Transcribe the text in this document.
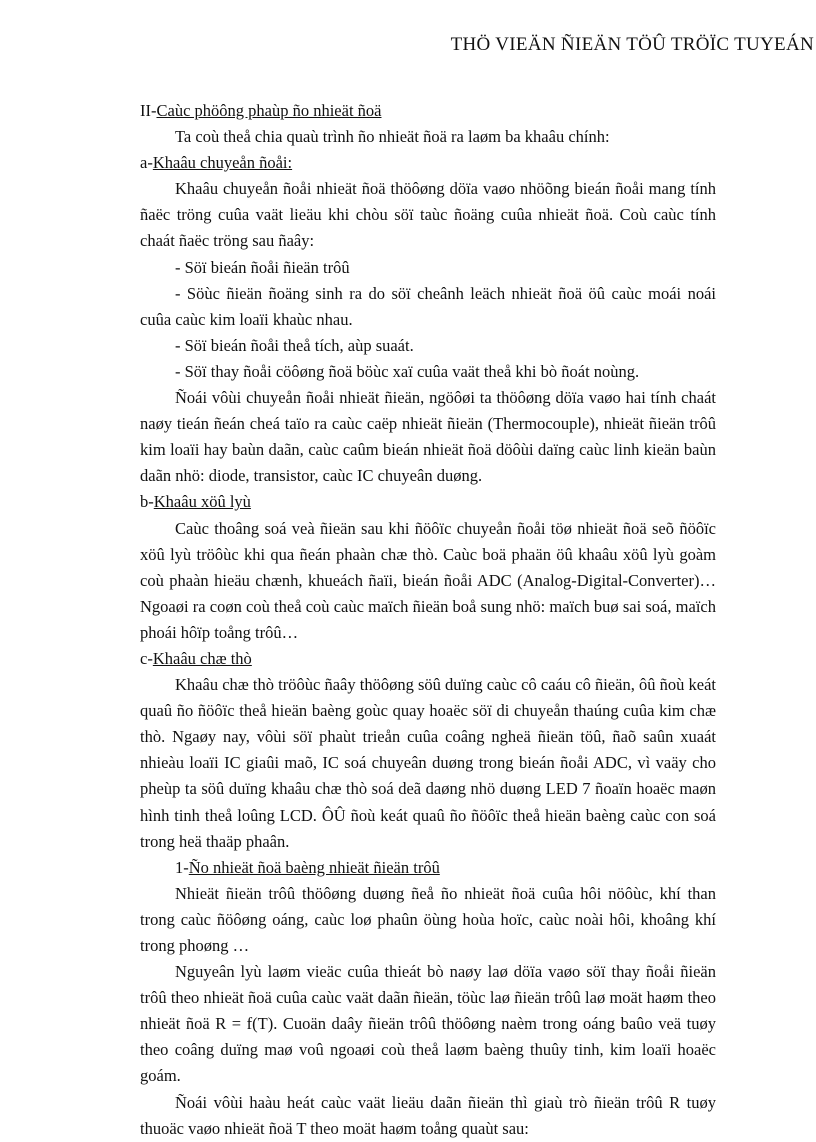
THÖ VIEÄN ÑIEÄN TÖÛ TRÖÏC TUYEÁN

II-Caùc phöông phaùp ño nhieät ñoä

Ta coù theå chia quaù trình ño nhieät ñoä ra laøm ba khaâu chính:

a-Khaâu chuyeån ñoåi:

Khaâu chuyeån ñoåi nhieät ñoä thöôøng döïa vaøo nhöõng bieán ñoåi mang tính ñaëc tröng cuûa vaät lieäu khi chòu söï taùc ñoäng cuûa nhieät ñoä. Coù caùc tính chaát ñaëc tröng sau ñaây:

- Söï bieán ñoåi ñieän trôû

- Söùc ñieän ñoäng sinh ra do söï cheânh leäch nhieät ñoä öû caùc moái noái cuûa caùc kim loaïi khaùc nhau.

- Söï bieán ñoåi theå tích, aùp suaát.

- Söï thay ñoåi cöôøng ñoä böùc xaï cuûa vaät theå khi bò ñoát noùng.

Ñoái vôùi chuyeån ñoåi nhieät ñieän, ngöôøi ta thöôøng döïa vaøo hai tính chaát naøy tieán ñeán cheá taïo ra caùc caëp nhieät ñieän (Thermocouple), nhieät ñieän trôû kim loaïi hay baùn daãn, caùc caûm bieán nhieät ñoä döôùi daïng caùc linh kieän baùn daãn nhö: diode, transistor, caùc IC chuyeân duøng.

b-Khaâu xöû lyù

Caùc thoâng soá veà ñieän sau khi ñöôïc chuyeån ñoåi töø nhieät ñoä seõ ñöôïc xöû lyù tröôùc khi qua ñeán phaàn chæ thò. Caùc boä phaän öû khaâu xöû lyù goàm coù phaàn hieäu chænh, khueách ñaïi, bieán ñoåi ADC (Analog-Digital-Converter)…Ngoaøi ra coøn coù theå coù caùc maïch ñieän boå sung nhö: maïch buø sai soá, maïch phoái hôïp toång trôû…

c-Khaâu chæ thò

Khaâu chæ thò tröôùc ñaây thöôøng söû duïng caùc cô caáu cô ñieän, ôû ñoù keát quaû ño ñöôïc theå hieän baèng goùc quay hoaëc söï di chuyeån thaúng cuûa kim chæ thò. Ngaøy nay, vôùi söï phaùt trieån cuûa coâng ngheä ñieän töû, ñaõ saûn xuaát nhieàu loaïi IC giaûi maõ, IC soá chuyeân duøng trong bieán ñoåi ADC, vì vaäy cho pheùp ta söû duïng khaâu chæ thò soá deã daøng nhö duøng LED 7 ñoaïn hoaëc maøn hình tinh theå loûng LCD. ÔÛ ñoù keát quaû ño ñöôïc theå hieän baèng caùc con soá trong heä thaäp phaân.

1-Ño nhieät ñoä baèng nhieät ñieän trôû

Nhieät ñieän trôû thöôøng duøng ñeå ño nhieät ñoä cuûa hôi nöôùc, khí than trong caùc ñöôøng oáng, caùc loø phaûn öùng hoùa hoïc, caùc noài hôi, khoâng khí trong phoøng …

Nguyeân lyù laøm vieäc cuûa thieát bò naøy laø döïa vaøo söï thay ñoåi ñieän trôû theo nhieät ñoä cuûa caùc vaät daãn ñieän, töùc laø ñieän trôû laø moät haøm theo nhieät ñoä R = f(T). Cuoän daây ñieän trôû thöôøng naèm trong oáng baûo veä tuøy theo coâng duïng maø voû ngoaøi coù theå laøm baèng thuûy tinh, kim loaïi hoaëc goám.

Ñoái vôùi haàu heát caùc vaät lieäu daãn ñieän thì giaù trò ñieän trôû R tuøy thuoäc vaøo nhieät ñoä T theo moät haøm toång quaùt sau:
